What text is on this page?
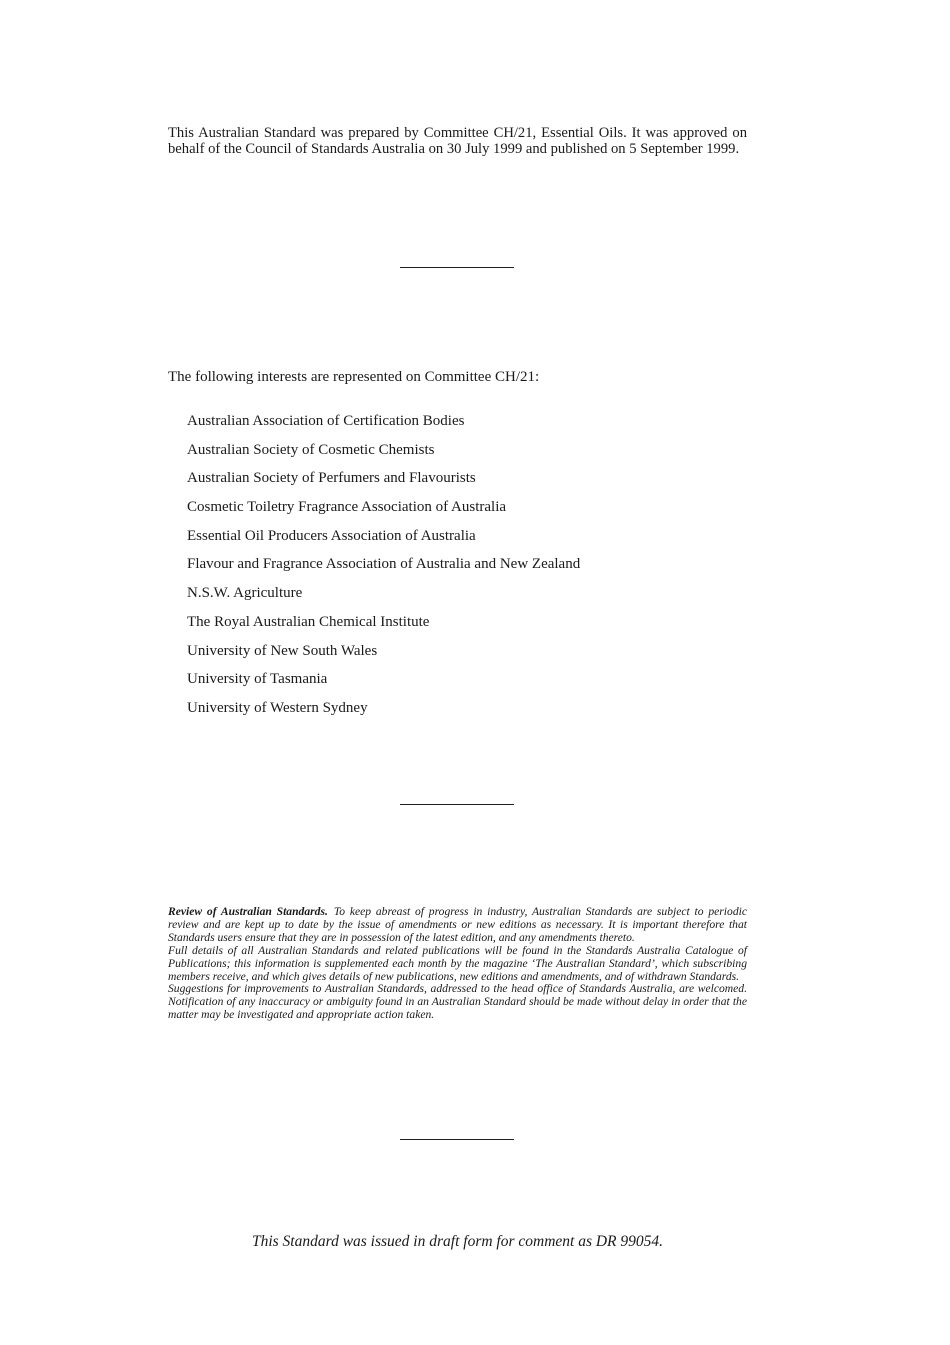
This Australian Standard was prepared by Committee CH/21, Essential Oils. It was approved on behalf of the Council of Standards Australia on 30 July 1999 and published on 5 September 1999.

The following interests are represented on Committee CH/21:

Australian Association of Certification Bodies
Australian Society of Cosmetic Chemists
Australian Society of Perfumers and Flavourists
Cosmetic Toiletry Fragrance Association of Australia
Essential Oil Producers Association of Australia
Flavour and Fragrance Association of Australia and New Zealand
N.S.W. Agriculture
The Royal Australian Chemical Institute
University of New South Wales
University of Tasmania
University of Western Sydney

Review of Australian Standards. To keep abreast of progress in industry, Australian Standards are subject to periodic review and are kept up to date by the issue of amendments or new editions as necessary. It is important therefore that Standards users ensure that they are in possession of the latest edition, and any amendments thereto.

Full details of all Australian Standards and related publications will be found in the Standards Australia Catalogue of Publications; this information is supplemented each month by the magazine ‘The Australian Standard’, which subscribing members receive, and which gives details of new publications, new editions and amendments, and of withdrawn Standards.

Suggestions for improvements to Australian Standards, addressed to the head office of Standards Australia, are welcomed. Notification of any inaccuracy or ambiguity found in an Australian Standard should be made without delay in order that the matter may be investigated and appropriate action taken.

This Standard was issued in draft form for comment as DR 99054.
